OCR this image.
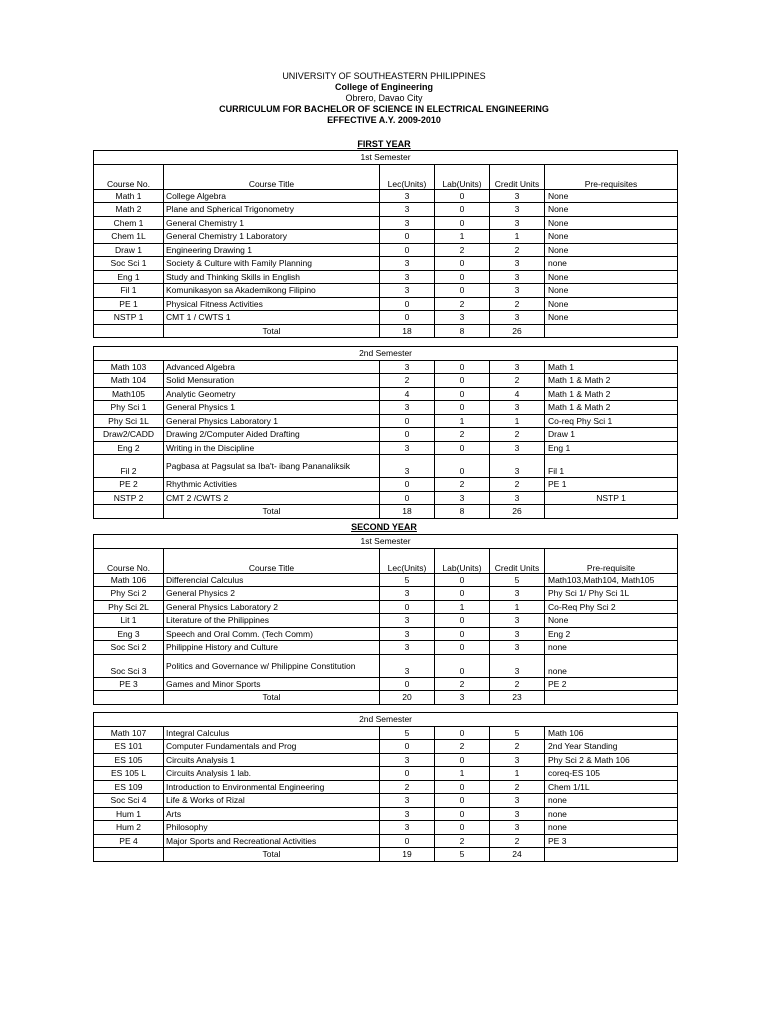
UNIVERSITY OF SOUTHEASTERN PHILIPPINES
College of Engineering
Obrero, Davao City
CURRICULUM FOR BACHELOR OF SCIENCE IN ELECTRICAL ENGINEERING
EFFECTIVE A.Y. 2009-2010
FIRST YEAR
1st Semester					
Course No.	Course Title	Lec(Units)	Lab(Units)	Credit Units	Pre-requisites
Math 1	College Algebra	3	0	3	None
Math 2	Plane and Spherical Trigonometry	3	0	3	None
Chem 1	General Chemistry 1	3	0	3	None
Chem 1L	General Chemistry 1 Laboratory	0	1	1	None
Draw 1	Engineering Drawing 1	0	2	2	None
Soc Sci 1	Society & Culture with Family Planning	3	0	3	none
Eng 1	Study and Thinking Skills in English	3	0	3	None
Fil 1	Komunikasyon sa Akademikong Filipino	3	0	3	None
PE 1	Physical Fitness Activities	0	2	2	None
NSTP 1	CMT 1 / CWTS 1	0	3	3	None
	Total	18	8	26	
2nd Semester					
Math 103	Advanced Algebra	3	0	3	Math 1
Math 104	Solid Mensuration	2	0	2	Math 1 & Math 2
Math105	Analytic Geometry	4	0	4	Math 1 & Math 2
Phy Sci 1	General Physics 1	3	0	3	Math 1 & Math 2
Phy Sci 1L	General Physics Laboratory 1	0	1	1	Co-req Phy Sci 1
Draw2/CADD	Drawing 2/Computer Aided Drafting	0	2	2	Draw 1
Eng 2	Writing in the Discipline	3	0	3	Eng 1
Fil 2	Pagbasa at Pagsulat sa Iba't- ibang Pananaliksik	3	0	3	Fil 1
PE 2	Rhythmic Activities	0	2	2	PE 1
NSTP 2	CMT 2 /CWTS 2	0	3	3	NSTP 1
	Total	18	8	26	
SECOND YEAR
1st Semester					
Course No.	Course Title	Lec(Units)	Lab(Units)	Credit Units	Pre-requisite
Math 106	Differencial Calculus	5	0	5	Math103,Math104, Math105
Phy Sci 2	General Physics 2	3	0	3	Phy Sci 1/ Phy Sci 1L
Phy Sci 2L	General Physics Laboratory 2	0	1	1	Co-Req Phy Sci 2
Lit 1	Literature of the Philippines	3	0	3	None
Eng 3	Speech and Oral Comm. (Tech Comm)	3	0	3	Eng 2
Soc Sci 2	Philippine History and Culture	3	0	3	none
Soc Sci 3	Politics and Governance w/ Philippine Constitution	3	0	3	none
PE 3	Games and Minor Sports	0	2	2	PE 2
	Total	20	3	23	
2nd Semester					
Math 107	Integral Calculus	5	0	5	Math 106
ES 101	Computer Fundamentals and Prog	0	2	2	2nd Year Standing
ES 105	Circuits Analysis 1	3	0	3	Phy Sci 2 & Math 106
ES 105 L	Circuits Analysis 1 lab.	0	1	1	coreq-ES 105
ES 109	Introduction to Environmental Engineering	2	0	2	Chem 1/1L
Soc Sci 4	Life & Works of Rizal	3	0	3	none
Hum 1	Arts	3	0	3	none
Hum 2	Philosophy	3	0	3	none
PE 4	Major Sports and Recreational Activities	0	2	2	PE 3
	Total	19	5	24	
